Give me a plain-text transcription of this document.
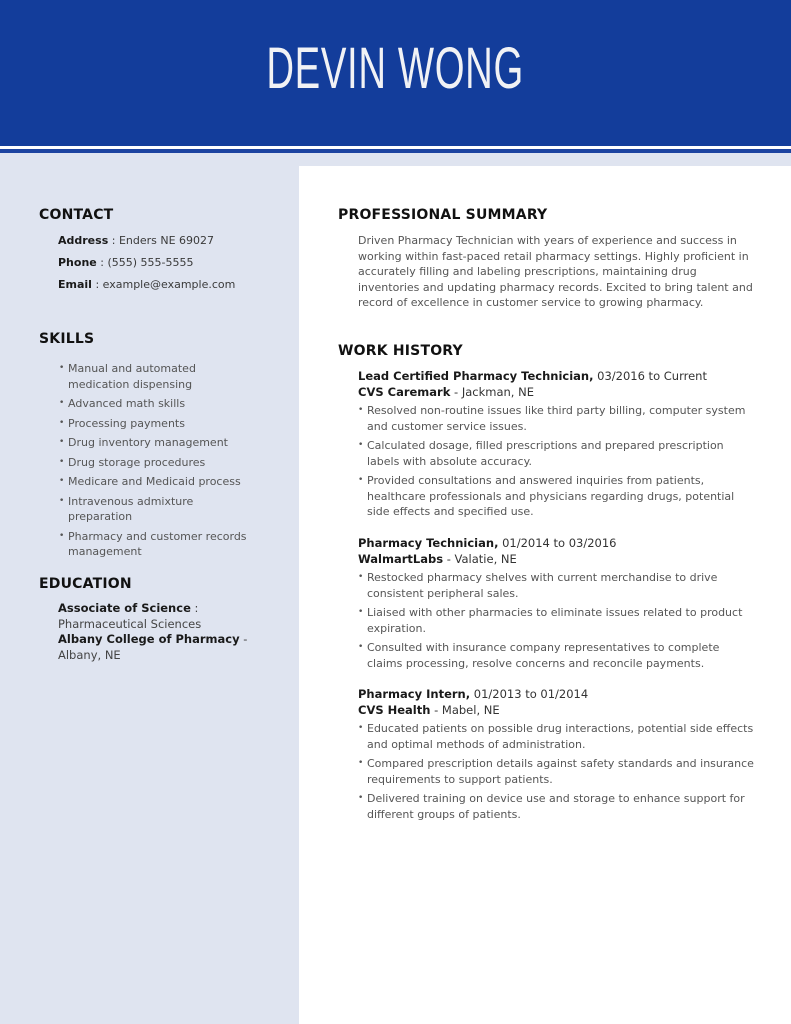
DEVIN WONG
CONTACT
Address : Enders NE 69027
Phone : (555) 555-5555
Email : example@example.com
SKILLS
• Manual and automated medication dispensing
• Advanced math skills
• Processing payments
• Drug inventory management
• Drug storage procedures
• Medicare and Medicaid process
• Intravenous admixture preparation
• Pharmacy and customer records management
EDUCATION
Associate of Science :
Pharmaceutical Sciences
Albany College of Pharmacy -
Albany, NE
PROFESSIONAL SUMMARY
Driven Pharmacy Technician with years of experience and success in working within fast-paced retail pharmacy settings. Highly proficient in accurately filling and labeling prescriptions, maintaining drug inventories and updating pharmacy records. Excited to bring talent and record of excellence in customer service to growing pharmacy.
WORK HISTORY
Lead Certified Pharmacy Technician, 03/2016 to Current
CVS Caremark - Jackman, NE
• Resolved non-routine issues like third party billing, computer system and customer service issues.
• Calculated dosage, filled prescriptions and prepared prescription labels with absolute accuracy.
• Provided consultations and answered inquiries from patients, healthcare professionals and physicians regarding drugs, potential side effects and specified use.
Pharmacy Technician, 01/2014 to 03/2016
WalmartLabs - Valatie, NE
• Restocked pharmacy shelves with current merchandise to drive consistent peripheral sales.
• Liaised with other pharmacies to eliminate issues related to product expiration.
• Consulted with insurance company representatives to complete claims processing, resolve concerns and reconcile payments.
Pharmacy Intern, 01/2013 to 01/2014
CVS Health - Mabel, NE
• Educated patients on possible drug interactions, potential side effects and optimal methods of administration.
• Compared prescription details against safety standards and insurance requirements to support patients.
• Delivered training on device use and storage to enhance support for different groups of patients.
